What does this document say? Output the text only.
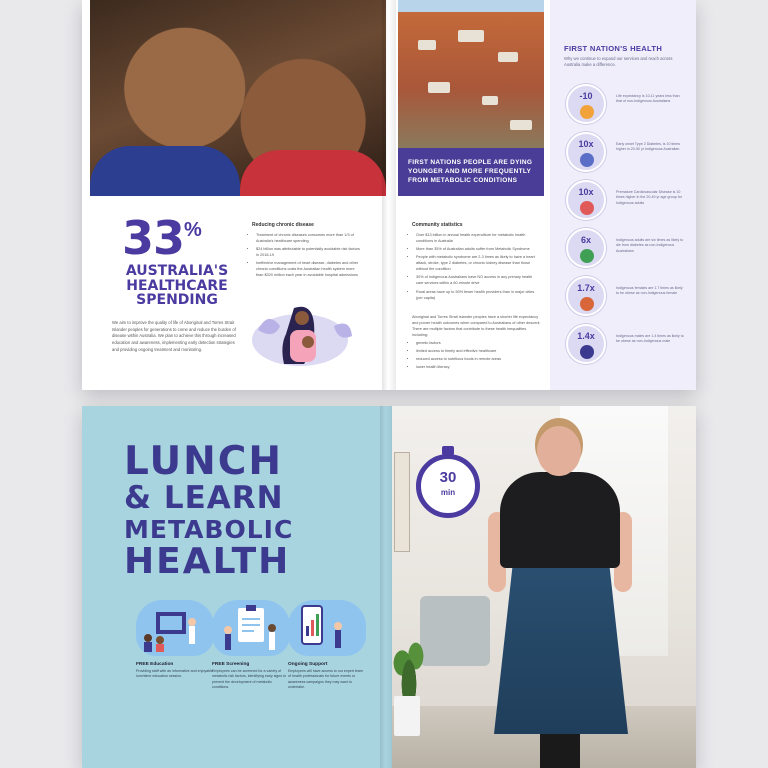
FIRST NATIONS PEOPLE ARE DYING YOUNGER AND MORE FREQUENTLY FROM METABOLIC CONDITIONS
33%
AUSTRALIA'S HEALTHCARE SPENDING
We aim to improve the quality of life of Aboriginal and Torres Strait Islander peoples for generations to come and reduce the burden of disease within Australia. We plan to achieve this through increased education and awareness, implementing early detection strategies and providing ongoing treatment and monitoring.
Reducing chronic disease
• Treatment of chronic diseases consumes more than 1/3 of Australia's healthcare spending
• $24 billion was attributable to potentially avoidable risk factors in 2018-19
• Ineffective management of heart disease, diabetes and other chronic conditions costs the Australian health system more than $320 million each year in avoidable hospital admissions
Community statistics
• Over $13 billion in annual health expenditure for metabolic health conditions in Australia
• More than 35% of Australian adults suffer from Metabolic Syndrome
• People with metabolic syndrome are 2-3 times as likely to have a heart attack, stroke, type 2 diabetes, or chronic kidney disease than those without the condition
• 30% of Indigenous Australians have NO access in any primary health care services within a 60-minute drive
• Rural areas have up to 50% fewer health providers than in major cities (per capita)
Aboriginal and Torres Strait Islander peoples have a shorter life expectancy and poorer health outcomes when compared to Australians of other descent. There are multiple factors that contribute to these health inequalities including:
• genetic factors
• limited access to timely and effective healthcare
• reduced access to nutritious foods in remote areas
• lower health literacy
FIRST NATION'S HEALTH
Why we continue to expand our services and reach across Australia make a difference.
-10	Life expectancy is 10-11 years less than that of non-Indigenous Australians
10x	Early onset Type 2 Diabetes, is 10 times higher in 20-50 yr Indigenous Australian
10x	Premature Cardiovascular Disease is 10 times higher in the 20-49 yr age group for Indigenous adults
6x	Indigenous adults are six times as likely to die from diabetes as non-Indigenous Australians
1.7x	Indigenous females are 1.7 times as likely to be obese as non-Indigenous female
1.4x	Indigenous males are 1.4 times as likely to be obese as non-Indigenous male
LUNCH
& LEARN
METABOLIC
HEALTH
FREE Education

Providing staff with an informative and enjoyable lunchtime education session.

FREE Screening

Employees can be screened for a variety of metabolic risk factors, identifying early signs to prevent the development of metabolic conditions.

Ongoing Support

Employees will have access to our expert team of health professionals for future events or awareness campaigns they may want to undertake.

30
min
